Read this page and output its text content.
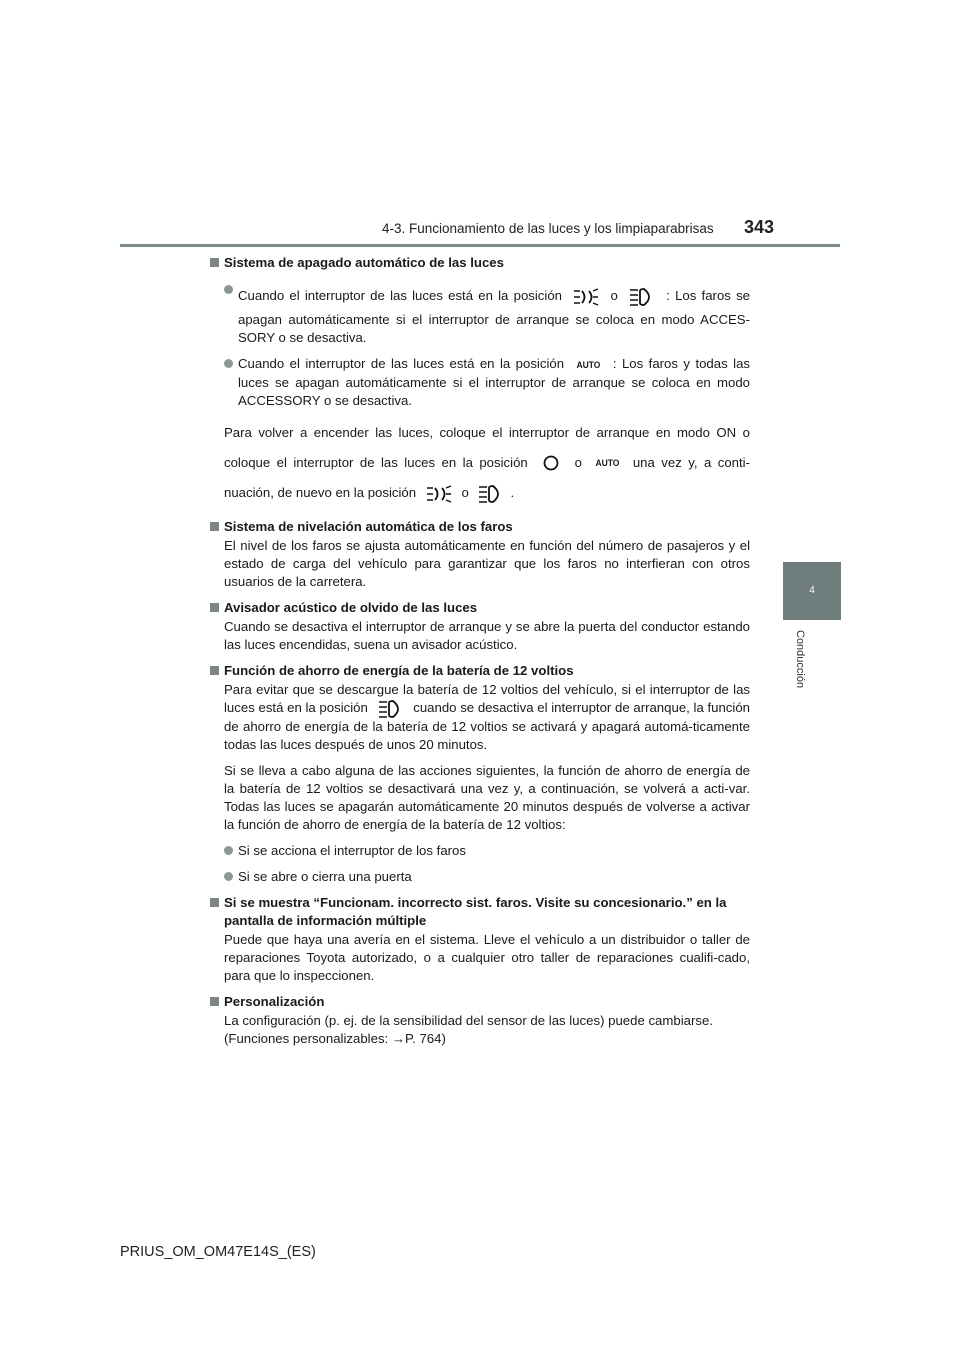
4-3. Funcionamiento de las luces y los limpiaparabrisas 343
4
Conducción
Sistema de apagado automático de las luces
Cuando el interruptor de las luces está en la posición	o	: Los faros se apagan automáticamente si el interruptor de arranque se coloca en modo ACCES-SORY o se desactiva.
Cuando el interruptor de las luces está en la posición AUTO : Los faros y todas las luces se apagan automáticamente si el interruptor de arranque se coloca en modo ACCESSORY o se desactiva.
Para volver a encender las luces, coloque el interruptor de arranque en modo ON o coloque el interruptor de las luces en la posición	o AUTO una vez y, a conti-nuación, de nuevo en la posición	o	.
Sistema de nivelación automática de los faros
El nivel de los faros se ajusta automáticamente en función del número de pasajeros y el estado de carga del vehículo para garantizar que los faros no interfieran con otros usuarios de la carretera.
Avisador acústico de olvido de las luces
Cuando se desactiva el interruptor de arranque y se abre la puerta del conductor estando las luces encendidas, suena un avisador acústico.
Función de ahorro de energía de la batería de 12 voltios
Para evitar que se descargue la batería de 12 voltios del vehículo, si el interruptor de las luces está en la posición	cuando se desactiva el interruptor de arranque, la función de ahorro de energía de la batería de 12 voltios se activará y apagará automá-ticamente todas las luces después de unos 20 minutos.
Si se lleva a cabo alguna de las acciones siguientes, la función de ahorro de energía de la batería de 12 voltios se desactivará una vez y, a continuación, se volverá a acti-var. Todas las luces se apagarán automáticamente 20 minutos después de volverse a activar la función de ahorro de energía de la batería de 12 voltios:
Si se acciona el interruptor de los faros
Si se abre o cierra una puerta
Si se muestra “Funcionam. incorrecto sist. faros. Visite su concesionario.” en la pantalla de información múltiple
Puede que haya una avería en el sistema. Lleve el vehículo a un distribuidor o taller de reparaciones Toyota autorizado, o a cualquier otro taller de reparaciones cualifi-cado, para que lo inspeccionen.
Personalización
La configuración (p. ej. de la sensibilidad del sensor de las luces) puede cambiarse.
(Funciones personalizables: →P. 764)
PRIUS_OM_OM47E14S_(ES)
